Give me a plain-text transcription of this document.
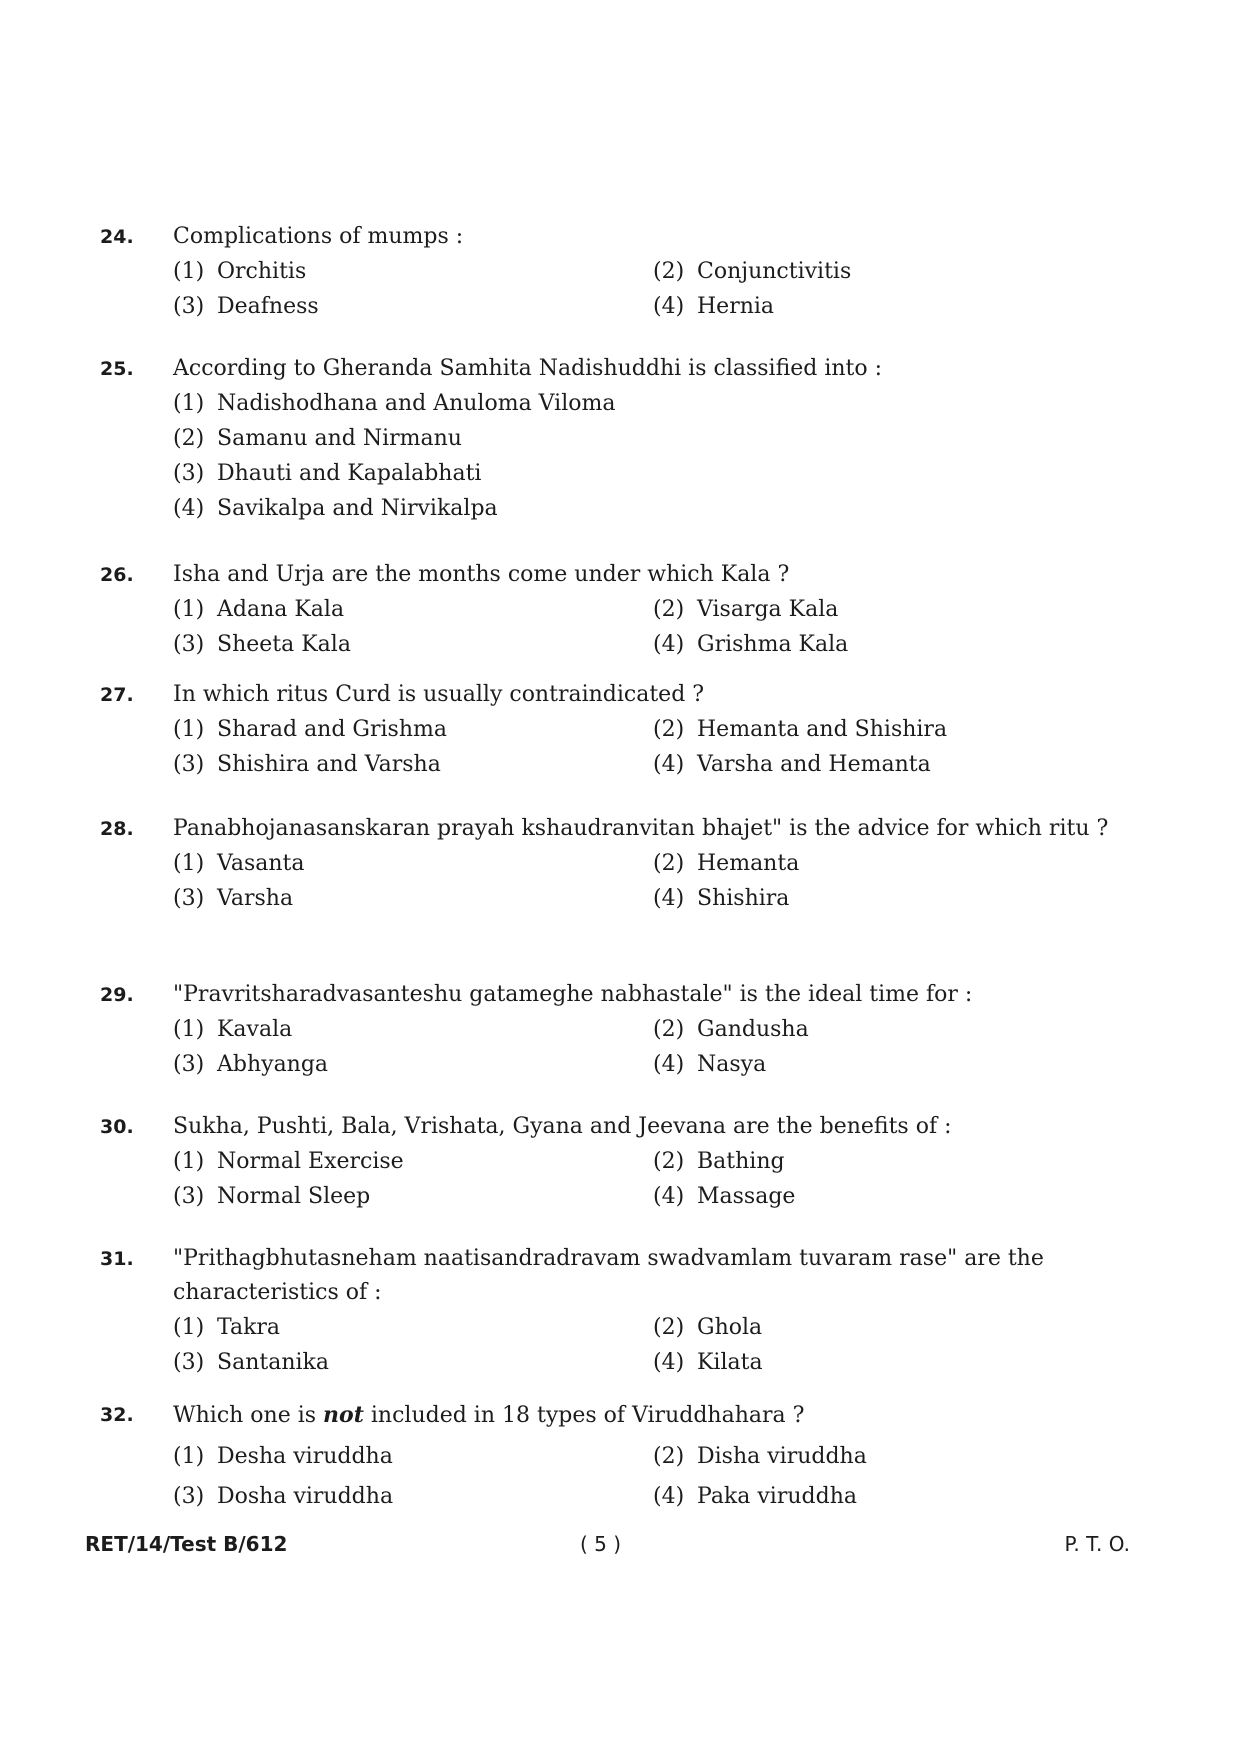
24.	Complications of mumps :
(1) Orchitis	(2) Conjunctivitis
(3) Deafness	(4) Hernia
25.	According to Gheranda Samhita Nadishuddhi is classified into :
(1) Nadishodhana and Anuloma Viloma
(2) Samanu and Nirmanu
(3) Dhauti and Kapalabhati
(4) Savikalpa and Nirvikalpa
26.	Isha and Urja are the months come under which Kala ?
(1) Adana Kala	(2) Visarga Kala
(3) Sheeta Kala	(4) Grishma Kala
27.	In which ritus Curd is usually contraindicated ?
(1) Sharad and Grishma	(2) Hemanta and Shishira
(3) Shishira and Varsha	(4) Varsha and Hemanta
28.	Panabhojanasanskaran prayah kshaudranvitan bhajet" is the advice for which ritu ?
(1) Vasanta	(2) Hemanta
(3) Varsha	(4) Shishira
29.	"Pravritsharadvasanteshu gatameghe nabhastale" is the ideal time for :
(1) Kavala	(2) Gandusha
(3) Abhyanga	(4) Nasya
30.	Sukha, Pushti, Bala, Vrishata, Gyana and Jeevana are the benefits of :
(1) Normal Exercise	(2) Bathing
(3) Normal Sleep	(4) Massage
31.	"Prithagbhutasneham naatisandradravam swadvamlam tuvaram rase" are the characteristics of :
(1) Takra	(2) Ghola
(3) Santanika	(4) Kilata
32.	Which one is not included in 18 types of Viruddhahara ?
(1) Desha viruddha	(2) Disha viruddha
(3) Dosha viruddha	(4) Paka viruddha
RET/14/Test B/612	( 5 )	P. T. O.
